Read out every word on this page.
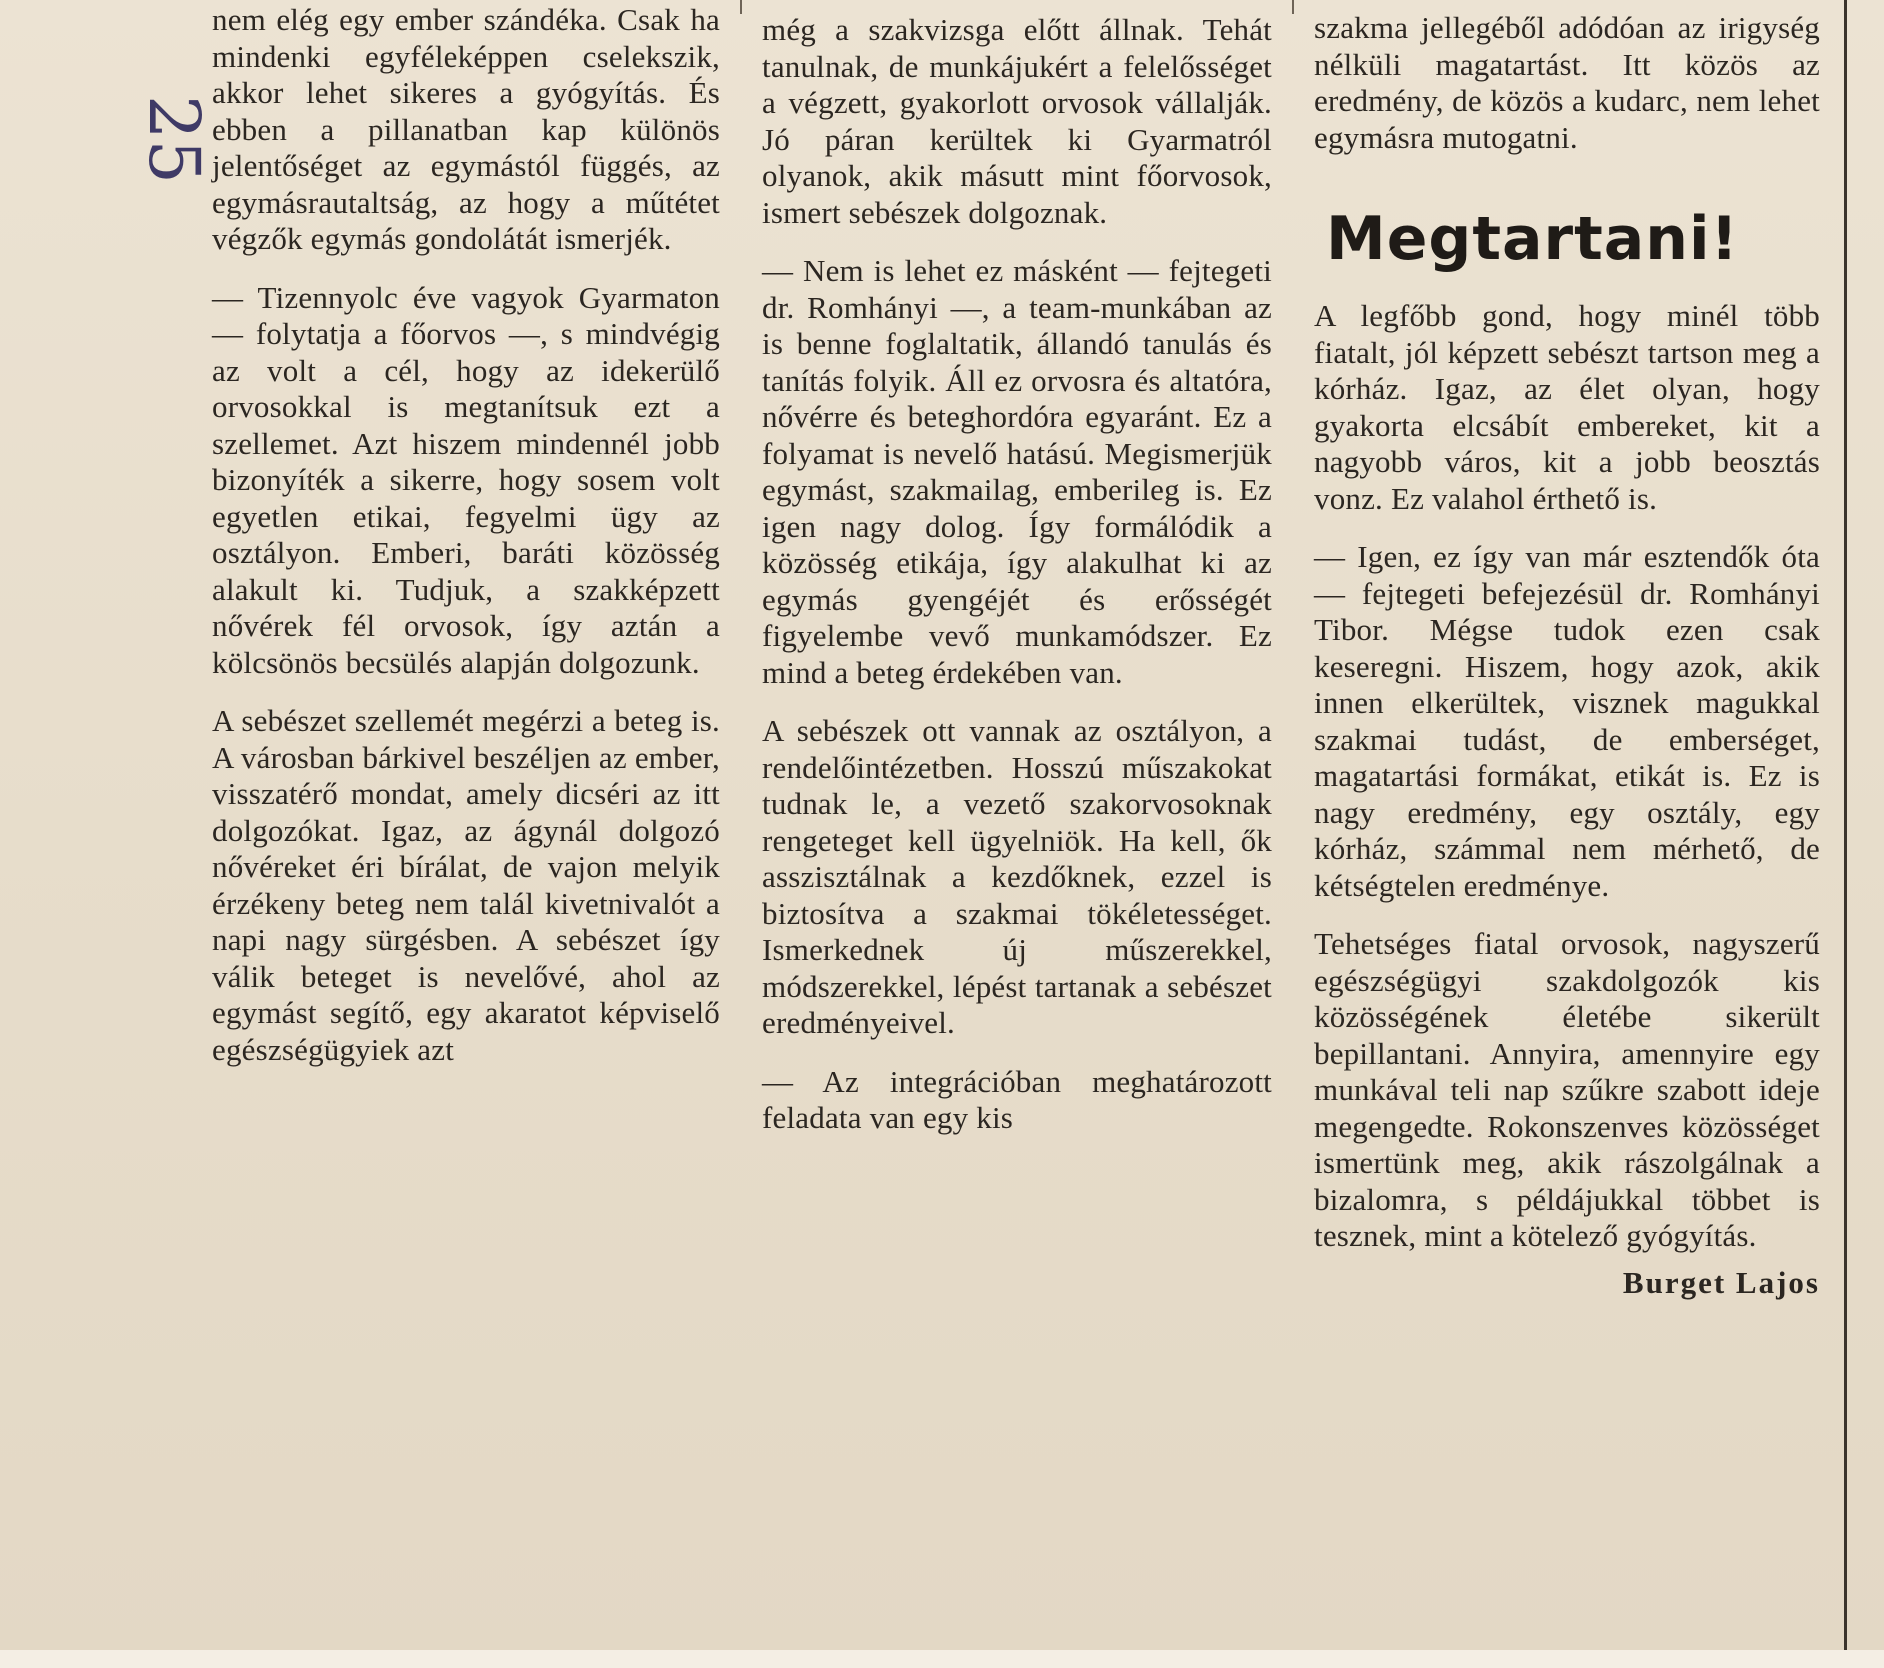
25

nem elég egy ember szándéka. Csak ha mindenki egyféleképpen cselekszik, akkor lehet sikeres a gyógyítás. És ebben a pillanatban kap különös jelentőséget az egymástól függés, az egymásrautaltság, az hogy a műtétet végzők egymás gondolátát ismerjék.

— Tizennyolc éve vagyok Gyarmaton — folytatja a főorvos —, s mindvégig az volt a cél, hogy az idekerülő orvosokkal is megtanítsuk ezt a szellemet. Azt hiszem mindennél jobb bizonyíték a sikerre, hogy sosem volt egyetlen etikai, fegyelmi ügy az osztályon. Emberi, baráti közösség alakult ki. Tudjuk, a szakképzett nővérek fél orvosok, így aztán a kölcsönös becsülés alapján dolgozunk.

A sebészet szellemét megérzi a beteg is. A városban bárkivel beszéljen az ember, visszatérő mondat, amely dicséri az itt dolgozókat. Igaz, az ágynál dolgozó nővéreket éri bírálat, de vajon melyik érzékeny beteg nem talál kivetnivalót a napi nagy sürgésben. A sebészet így válik beteget is nevelővé, ahol az egymást segítő, egy akaratot képviselő egészségügyiek azt

még a szakvizsga előtt állnak. Tehát tanulnak, de munkájukért a felelősséget a végzett, gyakorlott orvosok vállalják. Jó páran kerültek ki Gyarmatról olyanok, akik másutt mint főorvosok, ismert sebészek dolgoznak.

— Nem is lehet ez másként — fejtegeti dr. Romhányi —, a team-munkában az is benne foglaltatik, állandó tanulás és tanítás folyik. Áll ez orvosra és altatóra, nővérre és beteghordóra egyaránt. Ez a folyamat is nevelő hatású. Megismerjük egymást, szakmailag, emberileg is. Ez igen nagy dolog. Így formálódik a közösség etikája, így alakulhat ki az egymás gyengéjét és erősségét figyelembe vevő munkamódszer. Ez mind a beteg érdekében van.

A sebészek ott vannak az osztályon, a rendelőintézetben. Hosszú műszakokat tudnak le, a vezető szakorvosoknak rengeteget kell ügyelniök. Ha kell, ők asszisztálnak a kezdőknek, ezzel is biztosítva a szakmai tökéletességet. Ismerkednek új műszerekkel, módszerekkel, lépést tartanak a sebészet eredményeivel.

— Az integrációban meghatározott feladata van egy kis

szakma jellegéből adódóan az irigység nélküli magatartást. Itt közös az eredmény, de közös a kudarc, nem lehet egymásra mutogatni.

Megtartani!

A legfőbb gond, hogy minél több fiatalt, jól képzett sebészt tartson meg a kórház. Igaz, az élet olyan, hogy gyakorta elcsábít embereket, kit a nagyobb város, kit a jobb beosztás vonz. Ez valahol érthető is.

— Igen, ez így van már esztendők óta — fejtegeti befejezésül dr. Romhányi Tibor. Mégse tudok ezen csak keseregni. Hiszem, hogy azok, akik innen elkerültek, visznek magukkal szakmai tudást, de emberséget, magatartási formákat, etikát is. Ez is nagy eredmény, egy osztály, egy kórház, számmal nem mérhető, de kétségtelen eredménye.

Tehetséges fiatal orvosok, nagyszerű egészségügyi szakdolgozók kis közösségének életébe sikerült bepillantani. Annyira, amennyire egy munkával teli nap szűkre szabott ideje megengedte. Rokonszenves közösséget ismertünk meg, akik rászolgálnak a bizalomra, s példájukkal többet is tesznek, mint a kötelező gyógyítás.

Burget Lajos
